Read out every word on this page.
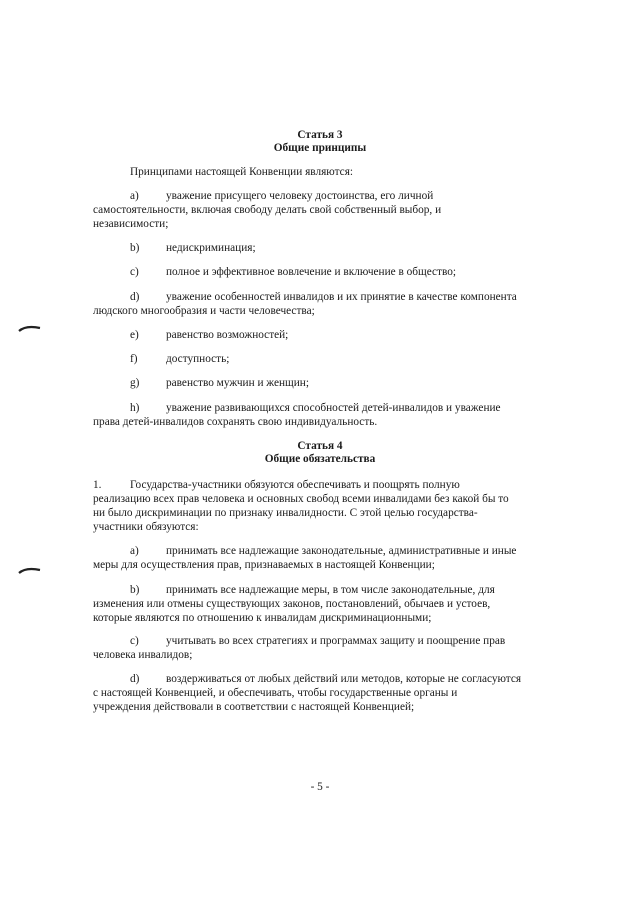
Статья 3
Общие принципы
Принципами настоящей Конвенции являются:
a) уважение присущего человеку достоинства, его личной
самостоятельности, включая свободу делать свой собственный выбор, и
независимости;
b) недискриминация;
c) полное и эффективное вовлечение и включение в общество;
d) уважение особенностей инвалидов и их принятие в качестве компонента
людского многообразия и части человечества;
e) равенство возможностей;
f)	доступность;
g) равенство мужчин и женщин;
h) уважение развивающихся способностей детей-инвалидов и уважение
права детей-инвалидов сохранять свою индивидуальность.
Статья 4
Общие обязательства
1.	Государства-участники обязуются обеспечивать и поощрять полную
реализацию всех прав человека и основных свобод всеми инвалидами без какой бы то
ни было дискриминации по признаку инвалидности. С этой целью государства-
участники обязуются:
a) принимать все надлежащие законодательные, административные и иные
меры для осуществления прав, признаваемых в настоящей Конвенции;
b) принимать все надлежащие меры, в том числе законодательные, для
изменения или отмены существующих законов, постановлений, обычаев и устоев,
которые являются по отношению к инвалидам дискриминационными;
c) учитывать во всех стратегиях и программах защиту и поощрение прав
человека инвалидов;
d) воздерживаться от любых действий или методов, которые не согласуются
с настоящей Конвенцией, и обеспечивать, чтобы государственные органы и
учреждения действовали в соответствии с настоящей Конвенцией;
- 5 -
